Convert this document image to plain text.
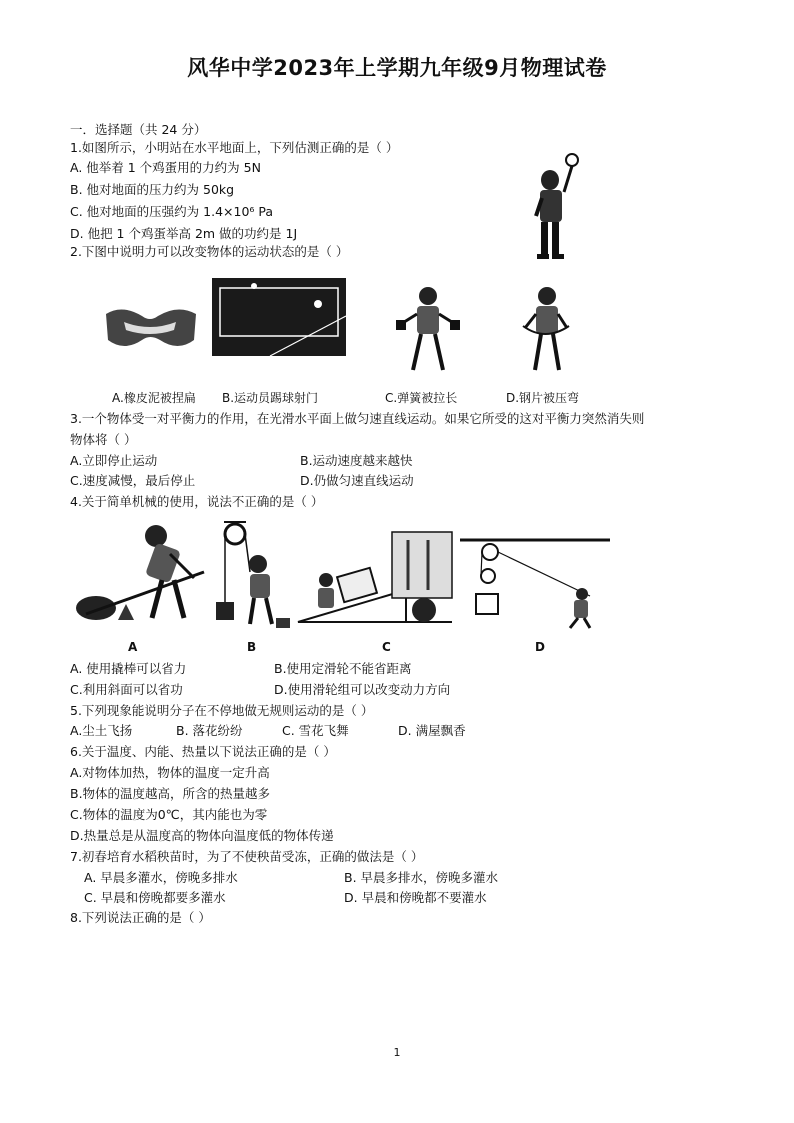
风华中学2023年上学期九年级9月物理试卷
一．选择题（共 24 分）
1.如图所示，小明站在水平地面上，下列估测正确的是（ ）
A. 他举着 1 个鸡蛋用的力约为 5N
B. 他对地面的压力约为 50kg
C. 他对地面的压强约为 1.4×10⁶ Pa
D. 他把 1 个鸡蛋举高 2m 做的功约是 1J
2.下图中说明力可以改变物体的运动状态的是（ ）
A.橡皮泥被捏扁 B.运动员踢球射门	C.弹簧被拉长	D.钢片被压弯
3.一个物体受一对平衡力的作用，在光滑水平面上做匀速直线运动。如果它所受的这对平衡力突然消失则
物体将（ ）
A.立即停止运动	B.运动速度越来越快
C.速度减慢，最后停止	D.仍做匀速直线运动
4.关于简单机械的使用，说法不正确的是（ ）
A	B	C	D
A. 使用撬棒可以省力	B.使用定滑轮不能省距离
C.利用斜面可以省功	D.使用滑轮组可以改变动力方向
5.下列现象能说明分子在不停地做无规则运动的是（ ）
A.尘土飞扬	B. 落花纷纷	C. 雪花飞舞	D. 满屋飘香
6.关于温度、内能、热量以下说法正确的是（ ）
A.对物体加热，物体的温度一定升高
B.物体的温度越高，所含的热量越多
C.物体的温度为0℃，其内能也为零
D.热量总是从温度高的物体向温度低的物体传递
7.初春培育水稻秧苗时，为了不使秧苗受冻，正确的做法是（ ）
A. 早晨多灌水，傍晚多排水	B. 早晨多排水，傍晚多灌水
C. 早晨和傍晚都要多灌水	D. 早晨和傍晚都不要灌水
8.下列说法正确的是（ ）
1
